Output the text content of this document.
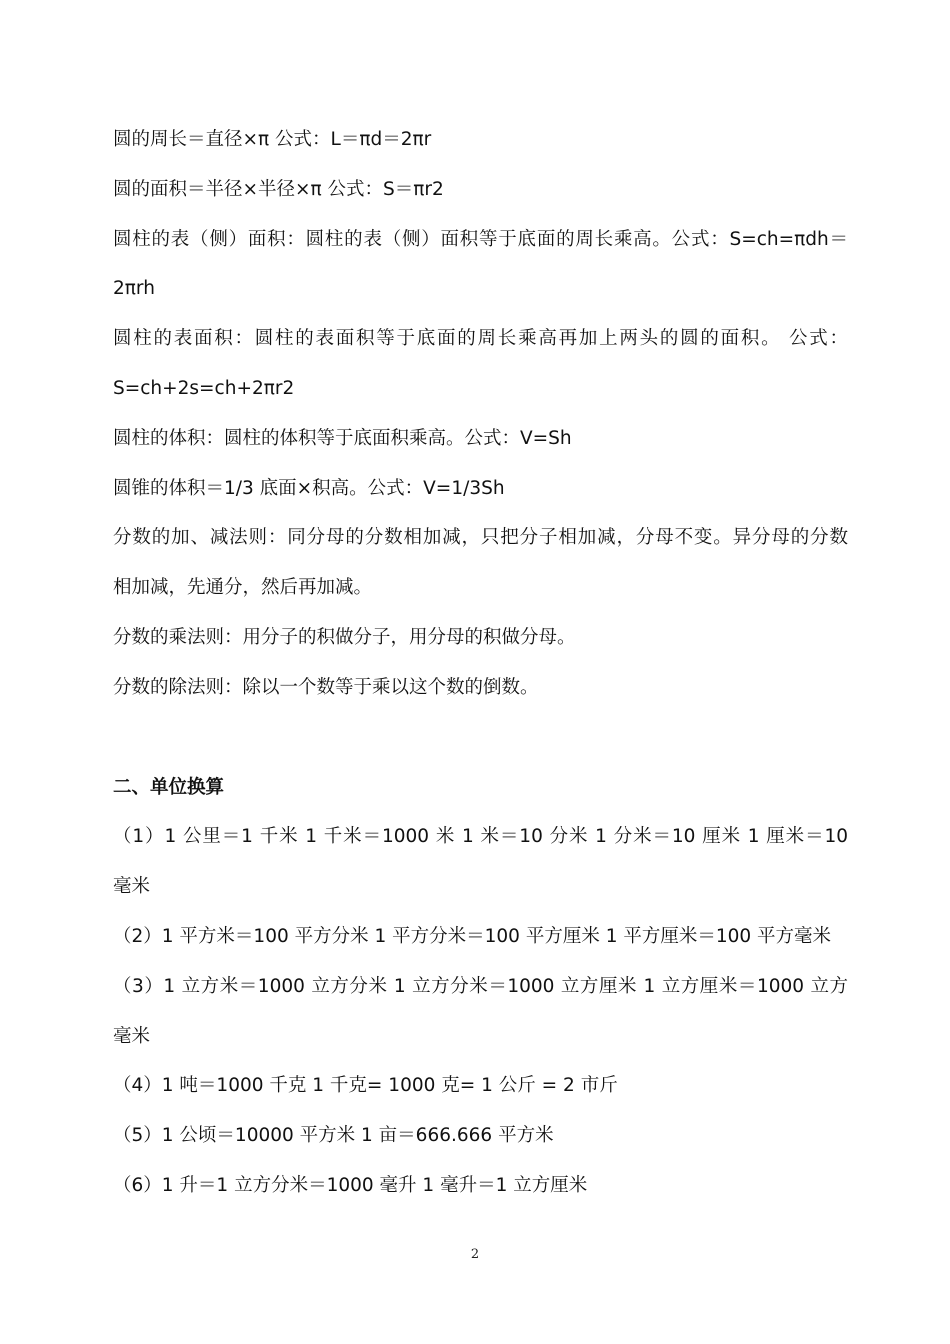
圆的周长＝直径×π 公式：L＝πd＝2πr
圆的面积＝半径×半径×π 公式：S＝πr2
圆柱的表（侧）面积：圆柱的表（侧）面积等于底面的周长乘高。公式：S=ch=πdh＝
2πrh
圆柱的表面积：圆柱的表面积等于底面的周长乘高再加上两头的圆的面积。 公式：
S=ch+2s=ch+2πr2
圆柱的体积：圆柱的体积等于底面积乘高。公式：V=Sh
圆锥的体积＝1/3 底面×积高。公式：V=1/3Sh
分数的加、减法则：同分母的分数相加减，只把分子相加减，分母不变。异分母的分数
相加减，先通分，然后再加减。
分数的乘法则：用分子的积做分子，用分母的积做分母。
分数的除法则：除以一个数等于乘以这个数的倒数。
二、单位换算
（1）1 公里＝1 千米 1 千米＝1000 米 1 米＝10 分米 1 分米＝10 厘米 1 厘米＝10
毫米
（2）1 平方米＝100 平方分米 1 平方分米＝100 平方厘米 1 平方厘米＝100 平方毫米
（3）1 立方米＝1000 立方分米 1 立方分米＝1000 立方厘米 1 立方厘米＝1000 立方
毫米
（4）1 吨＝1000 千克 1 千克= 1000 克= 1 公斤 = 2 市斤
（5）1 公顷＝10000 平方米 1 亩＝666.666 平方米
（6）1 升＝1 立方分米＝1000 毫升 1 毫升＝1 立方厘米
2
